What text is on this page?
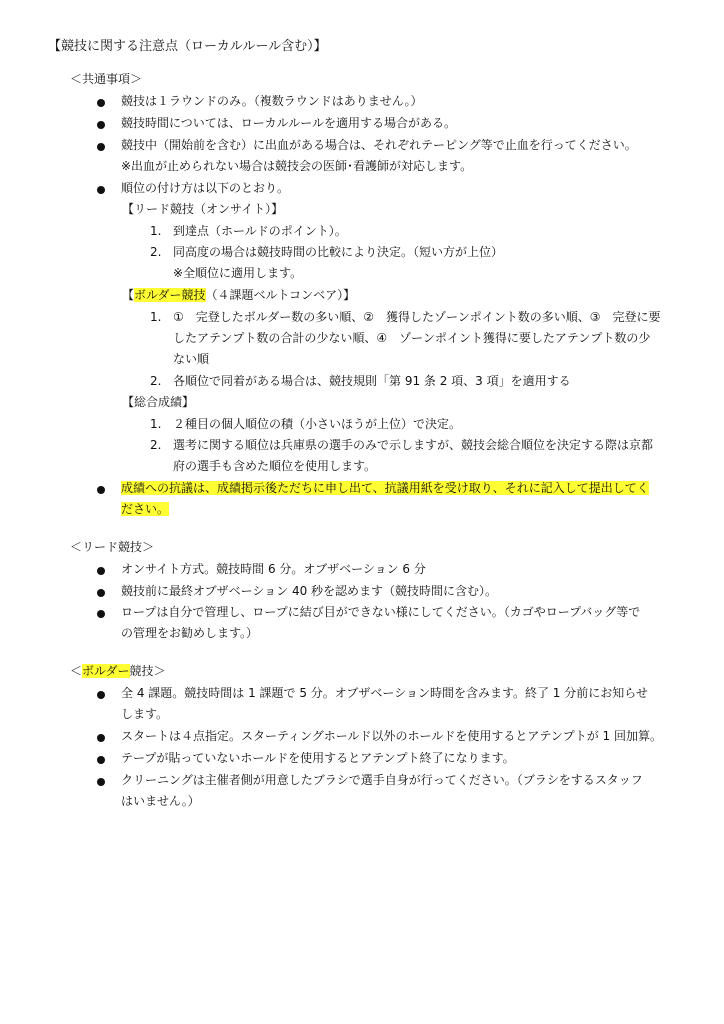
【競技に関する注意点（ローカルルール含む）】
＜共通事項＞
競技は１ラウンドのみ。（複数ラウンドはありません。）
競技時間については、ローカルルールを適用する場合がある。
競技中（開始前を含む）に出血がある場合は、それぞれテーピング等で止血を行ってください。
※出血が止められない場合は競技会の医師･看護師が対応します。
順位の付け方は以下のとおり。
【リード競技（オンサイト）】
1. 到達点（ホールドのポイント）。
2. 同高度の場合は競技時間の比較により決定。（短い方が上位）
※全順位に適用します。
【ボルダー競技（４課題ベルトコンベア）】
1. ①　完登したボルダー数の多い順、②　獲得したゾーンポイント数の多い順、③　完登に要
したアテンプト数の合計の少ない順、④　ゾーンポイント獲得に要したアテンプト数の少
ない順
2. 各順位で同着がある場合は、競技規則「第 91 条 2 項、3 項」を適用する
【総合成績】
1. ２種目の個人順位の積（小さいほうが上位）で決定。
2. 選考に関する順位は兵庫県の選手のみで示しますが、競技会総合順位を決定する際は京都
府の選手も含めた順位を使用します。
成績への抗議は、成績掲示後ただちに申し出て、抗議用紙を受け取り、それに記入して提出してく
ださい。
＜リード競技＞
オンサイト方式。競技時間 6 分。オブザベーション 6 分
競技前に最終オブザベーション 40 秒を認めます（競技時間に含む）。
ロープは自分で管理し、ロープに結び目ができない様にしてください。（カゴやロープバッグ等で
の管理をお勧めします。）
＜ボルダー競技＞
全 4 課題。競技時間は 1 課題で 5 分。オブザベーション時間を含みます。終了 1 分前にお知らせ
します。
スタートは４点指定。スターティングホールド以外のホールドを使用するとアテンプトが 1 回加算。
テープが貼っていないホールドを使用するとアテンプト終了になります。
クリーニングは主催者側が用意したブラシで選手自身が行ってください。（ブラシをするスタッフ
はいません。）
